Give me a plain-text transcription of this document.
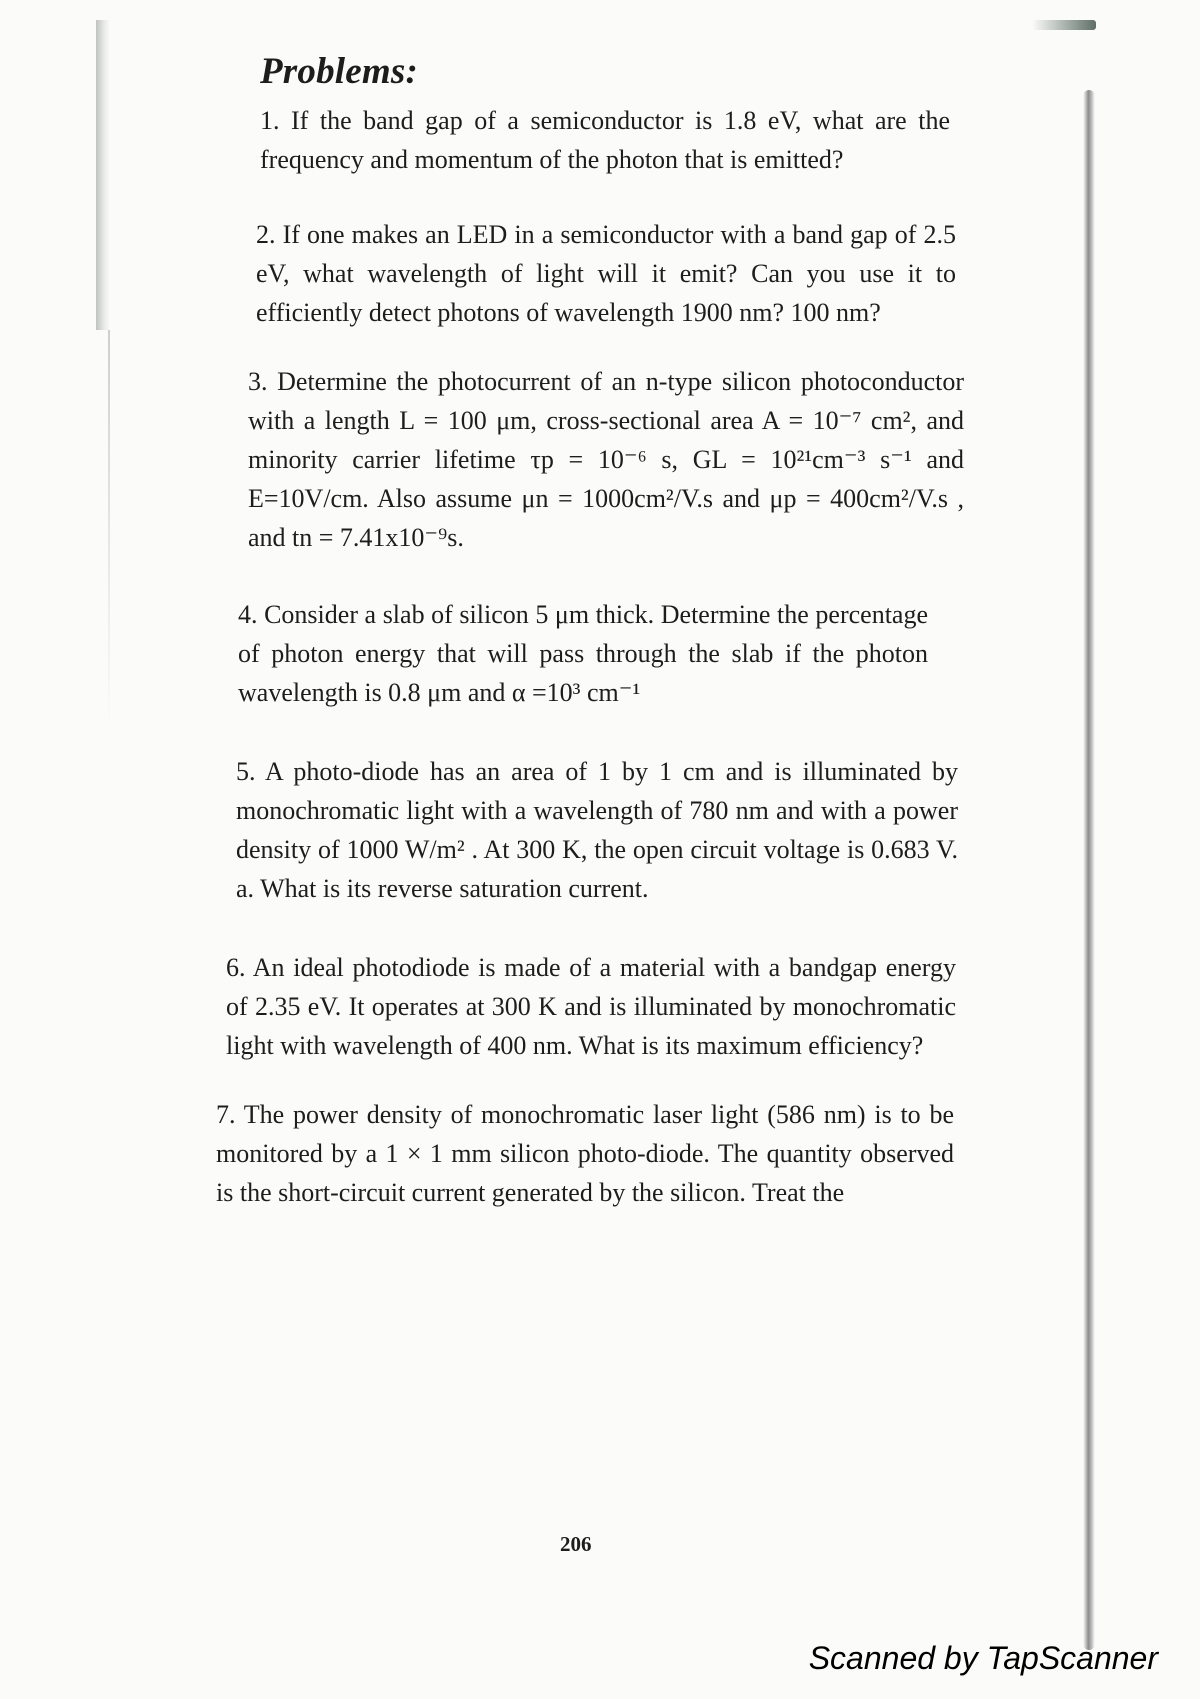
Problems:

1. If the band gap of a semiconductor is 1.8 eV, what are the frequency and momentum of the photon that is emitted?

2. If one makes an LED in a semiconductor with a band gap of 2.5 eV, what wavelength of light will it emit? Can you use it to efficiently detect photons of wavelength 1900 nm? 100 nm?

3. Determine the photocurrent of an n-type silicon photoconductor with a length L = 100 μm, cross-sectional area A = 10⁻⁷ cm², and minority carrier lifetime τp = 10⁻⁶ s, GL = 10²¹cm⁻³ s⁻¹ and E=10V/cm. Also assume μn = 1000cm²/V.s and μp = 400cm²/V.s , and tn = 7.41x10⁻⁹s.

4. Consider a slab of silicon 5 μm thick. Determine the percentage of photon energy that will pass through the slab if the photon wavelength is 0.8 μm and α =10³ cm⁻¹

5. A photo-diode has an area of 1 by 1 cm and is illuminated by monochromatic light with a wavelength of 780 nm and with a power density of 1000 W/m² . At 300 K, the open circuit voltage is 0.683 V. a. What is its reverse saturation current.

6. An ideal photodiode is made of a material with a bandgap energy of 2.35 eV. It operates at 300 K and is illuminated by monochromatic light with wavelength of 400 nm. What is its maximum efficiency?

7. The power density of monochromatic laser light (586 nm) is to be monitored by a 1 × 1 mm silicon photo-diode. The quantity observed is the short-circuit current generated by the silicon. Treat the

206
Scanned by TapScanner
